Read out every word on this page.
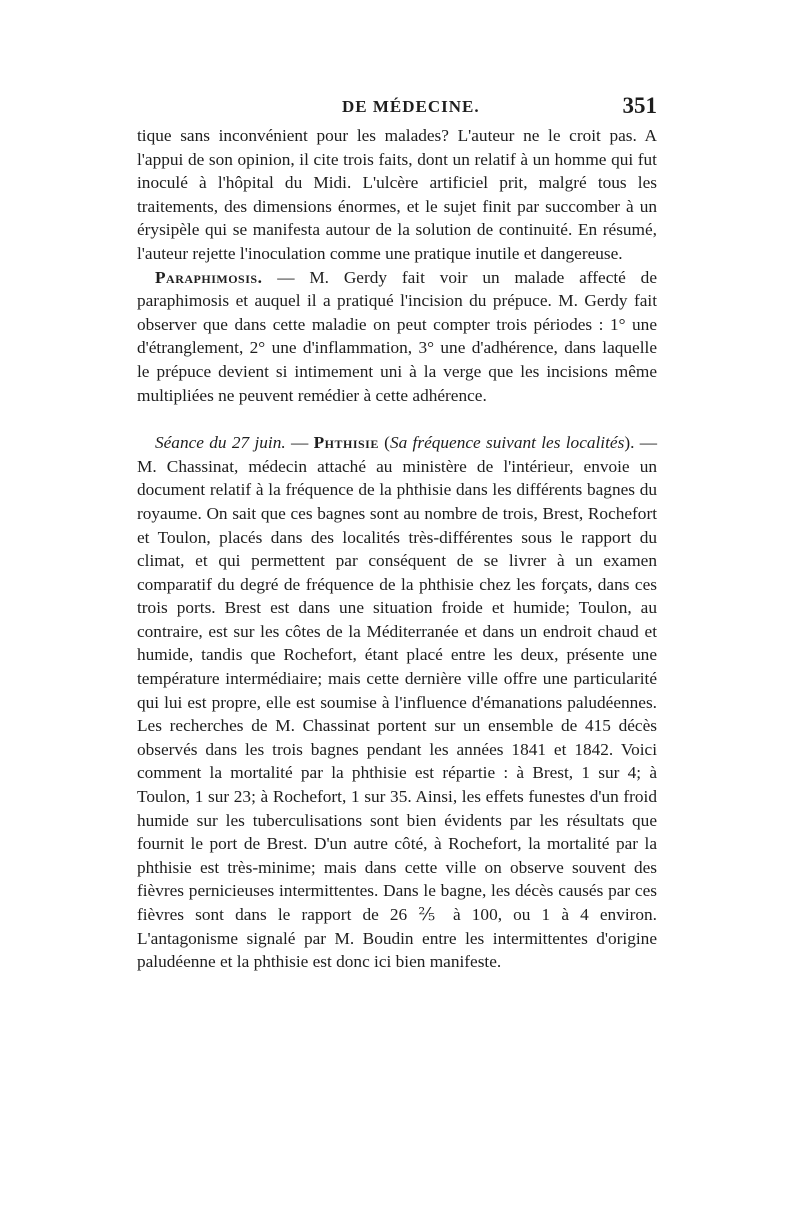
DE MÉDECINE.	351

tique sans inconvénient pour les malades? L'auteur ne le croit pas. A l'appui de son opinion, il cite trois faits, dont un relatif à un homme qui fut inoculé à l'hôpital du Midi. L'ulcère artificiel prit, malgré tous les traitements, des dimensions énormes, et le sujet finit par succomber à un érysipèle qui se manifesta autour de la solution de continuité. En résumé, l'auteur rejette l'inoculation comme une pratique inutile et dangereuse.

Paraphimosis. — M. Gerdy fait voir un malade affecté de paraphimosis et auquel il a pratiqué l'incision du prépuce. M. Gerdy fait observer que dans cette maladie on peut compter trois périodes : 1° une d'étranglement, 2° une d'inflammation, 3° une d'adhérence, dans laquelle le prépuce devient si intimement uni à la verge que les incisions même multipliées ne peuvent remédier à cette adhérence.

Séance du 27 juin. — Phthisie (Sa fréquence suivant les localités). — M. Chassinat, médecin attaché au ministère de l'intérieur, envoie un document relatif à la fréquence de la phthisie dans les différents bagnes du royaume. On sait que ces bagnes sont au nombre de trois, Brest, Rochefort et Toulon, placés dans des localités très-différentes sous le rapport du climat, et qui permettent par conséquent de se livrer à un examen comparatif du degré de fréquence de la phthisie chez les forçats, dans ces trois ports. Brest est dans une situation froide et humide; Toulon, au contraire, est sur les côtes de la Méditerranée et dans un endroit chaud et humide, tandis que Rochefort, étant placé entre les deux, présente une température intermédiaire; mais cette dernière ville offre une particularité qui lui est propre, elle est soumise à l'influence d'émanations paludéennes. Les recherches de M. Chassinat portent sur un ensemble de 415 décès observés dans les trois bagnes pendant les années 1841 et 1842. Voici comment la mortalité par la phthisie est répartie : à Brest, 1 sur 4; à Toulon, 1 sur 23; à Rochefort, 1 sur 35. Ainsi, les effets funestes d'un froid humide sur les tuberculisations sont bien évidents par les résultats que fournit le port de Brest. D'un autre côté, à Rochefort, la mortalité par la phthisie est très-minime; mais dans cette ville on observe souvent des fièvres pernicieuses intermittentes. Dans le bagne, les décès causés par ces fièvres sont dans le rapport de 26 ⅖ à 100, ou 1 à 4 environ. L'antagonisme signalé par M. Boudin entre les intermittentes d'origine paludéenne et la phthisie est donc ici bien manifeste.
